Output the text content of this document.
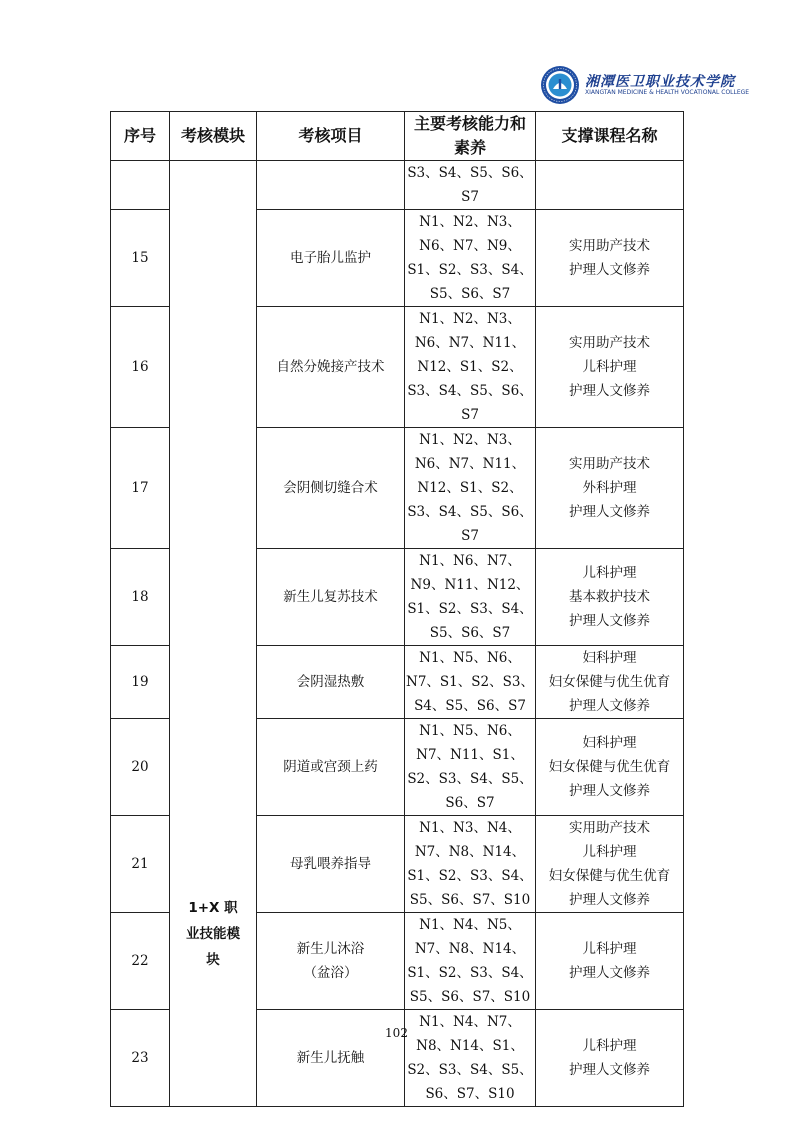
湘潭医卫职业技术学院
XIANGTAN MEDICINE & HEALTH VOCATIONAL COLLEGE
序号	考核模块	考核项目	主要考核能力和素养	支撑课程名称
	1+X 职业技能模块		S3、S4、S5、S6、S7	
15		电子胎儿监护	N1、N2、N3、N6、N7、N9、S1、S2、S3、S4、S5、S6、S7	实用助产技术
护理人文修养

16		自然分娩接产技术	N1、N2、N3、N6、N7、N11、N12、S1、S2、S3、S4、S5、S6、S7	实用助产技术
儿科护理
护理人文修养

17		会阴侧切缝合术	N1、N2、N3、N6、N7、N11、N12、S1、S2、S3、S4、S5、S6、S7	实用助产技术
外科护理
护理人文修养

18		新生儿复苏技术	N1、N6、N7、N9、N11、N12、S1、S2、S3、S4、S5、S6、S7	儿科护理
基本救护技术
护理人文修养

19		会阴湿热敷	N1、N5、N6、N7、S1、S2、S3、S4、S5、S6、S7	妇科护理
妇女保健与优生优育
护理人文修养

20		阴道或宫颈上药	N1、N5、N6、N7、N11、S1、S2、S3、S4、S5、S6、S7	妇科护理
妇女保健与优生优育
护理人文修养

21		母乳喂养指导	N1、N3、N4、N7、N8、N14、S1、S2、S3、S4、S5、S6、S7、S10	实用助产技术
儿科护理
妇女保健与优生优育
护理人文修养

22		新生儿沐浴（盆浴）	N1、N4、N5、N7、N8、N14、S1、S2、S3、S4、S5、S6、S7、S10	儿科护理
护理人文修养

23		新生儿抚触	N1、N4、N7、N8、N14、S1、S2、S3、S4、S5、S6、S7、S10	儿科护理
护理人文修养
102
